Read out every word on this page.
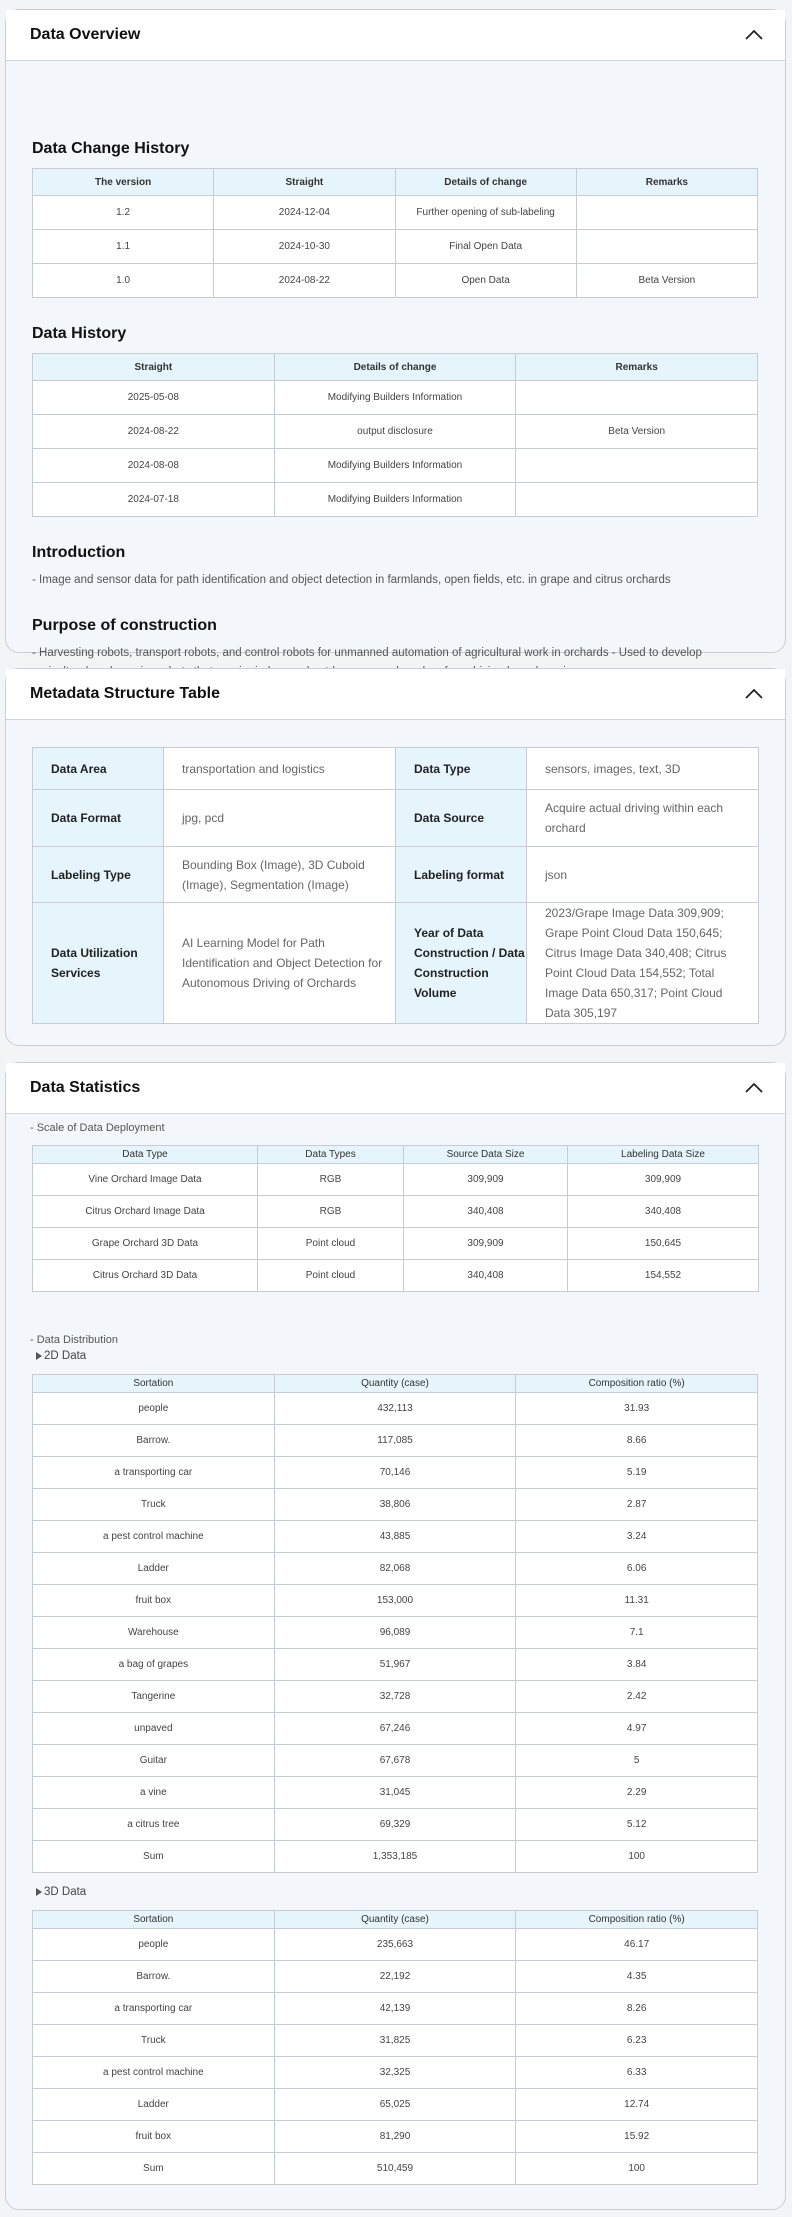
Data Overview
Data Change History
The version	Straight	Details of change	Remarks
1.2	2024-12-04	Further opening of sub-labeling	
1.1	2024-10-30	Final Open Data	
1.0	2024-08-22	Open Data	Beta Version
Data History
Straight	Details of change	Remarks
2025-05-08	Modifying Builders Information	
2024-08-22	output disclosure	Beta Version
2024-08-08	Modifying Builders Information	
2024-07-18	Modifying Builders Information	
Introduction
- Image and sensor data for path identification and object detection in farmlands, open fields, etc. in grape and citrus orchards
Purpose of construction
- Harvesting robots, transport robots, and control robots for unmanned automation of agricultural work in orchards - Used to develop
Metadata Structure Table
Data Area	transportation and logistics	Data Type	sensors, images, text, 3D
Data Format	jpg, pcd	Data Source	Acquire actual driving within each orchard
Labeling Type	Bounding Box (Image), 3D Cuboid (Image), Segmentation (Image)	Labeling format	json
Data Utilization Services	AI Learning Model for Path Identification and Object Detection for Autonomous Driving of Orchards	Year of Data Construction / Data Construction Volume	2023/Grape Image Data 309,909; Grape Point Cloud Data 150,645; Citrus Image Data 340,408; Citrus Point Cloud Data 154,552; Total Image Data 650,317; Point Cloud Data 305,197
Data Statistics
- Scale of Data Deployment
Data Type	Data Types	Source Data Size	Labeling Data Size
Vine Orchard Image Data	RGB	309,909	309,909
Citrus Orchard Image Data	RGB	340,408	340,408
Grape Orchard 3D Data	Point cloud	309,909	150,645
Citrus Orchard 3D Data	Point cloud	340,408	154,552
- Data Distribution
2D Data
Sortation	Quantity (case)	Composition ratio (%)
people	432,113	31.93
Barrow.	117,085	8.66
a transporting car	70,146	5.19
Truck	38,806	2.87
a pest control machine	43,885	3.24
Ladder	82,068	6.06
fruit box	153,000	11.31
Warehouse	96,089	7.1
a bag of grapes	51,967	3.84
Tangerine	32,728	2.42
unpaved	67,246	4.97
Guitar	67,678	5
a vine	31,045	2.29
a citrus tree	69,329	5.12
Sum	1,353,185	100
3D Data
Sortation	Quantity (case)	Composition ratio (%)
people	235,663	46.17
Barrow.	22,192	4.35
a transporting car	42,139	8.26
Truck	31,825	6.23
a pest control machine	32,325	6.33
Ladder	65,025	12.74
fruit box	81,290	15.92
Sum	510,459	100
